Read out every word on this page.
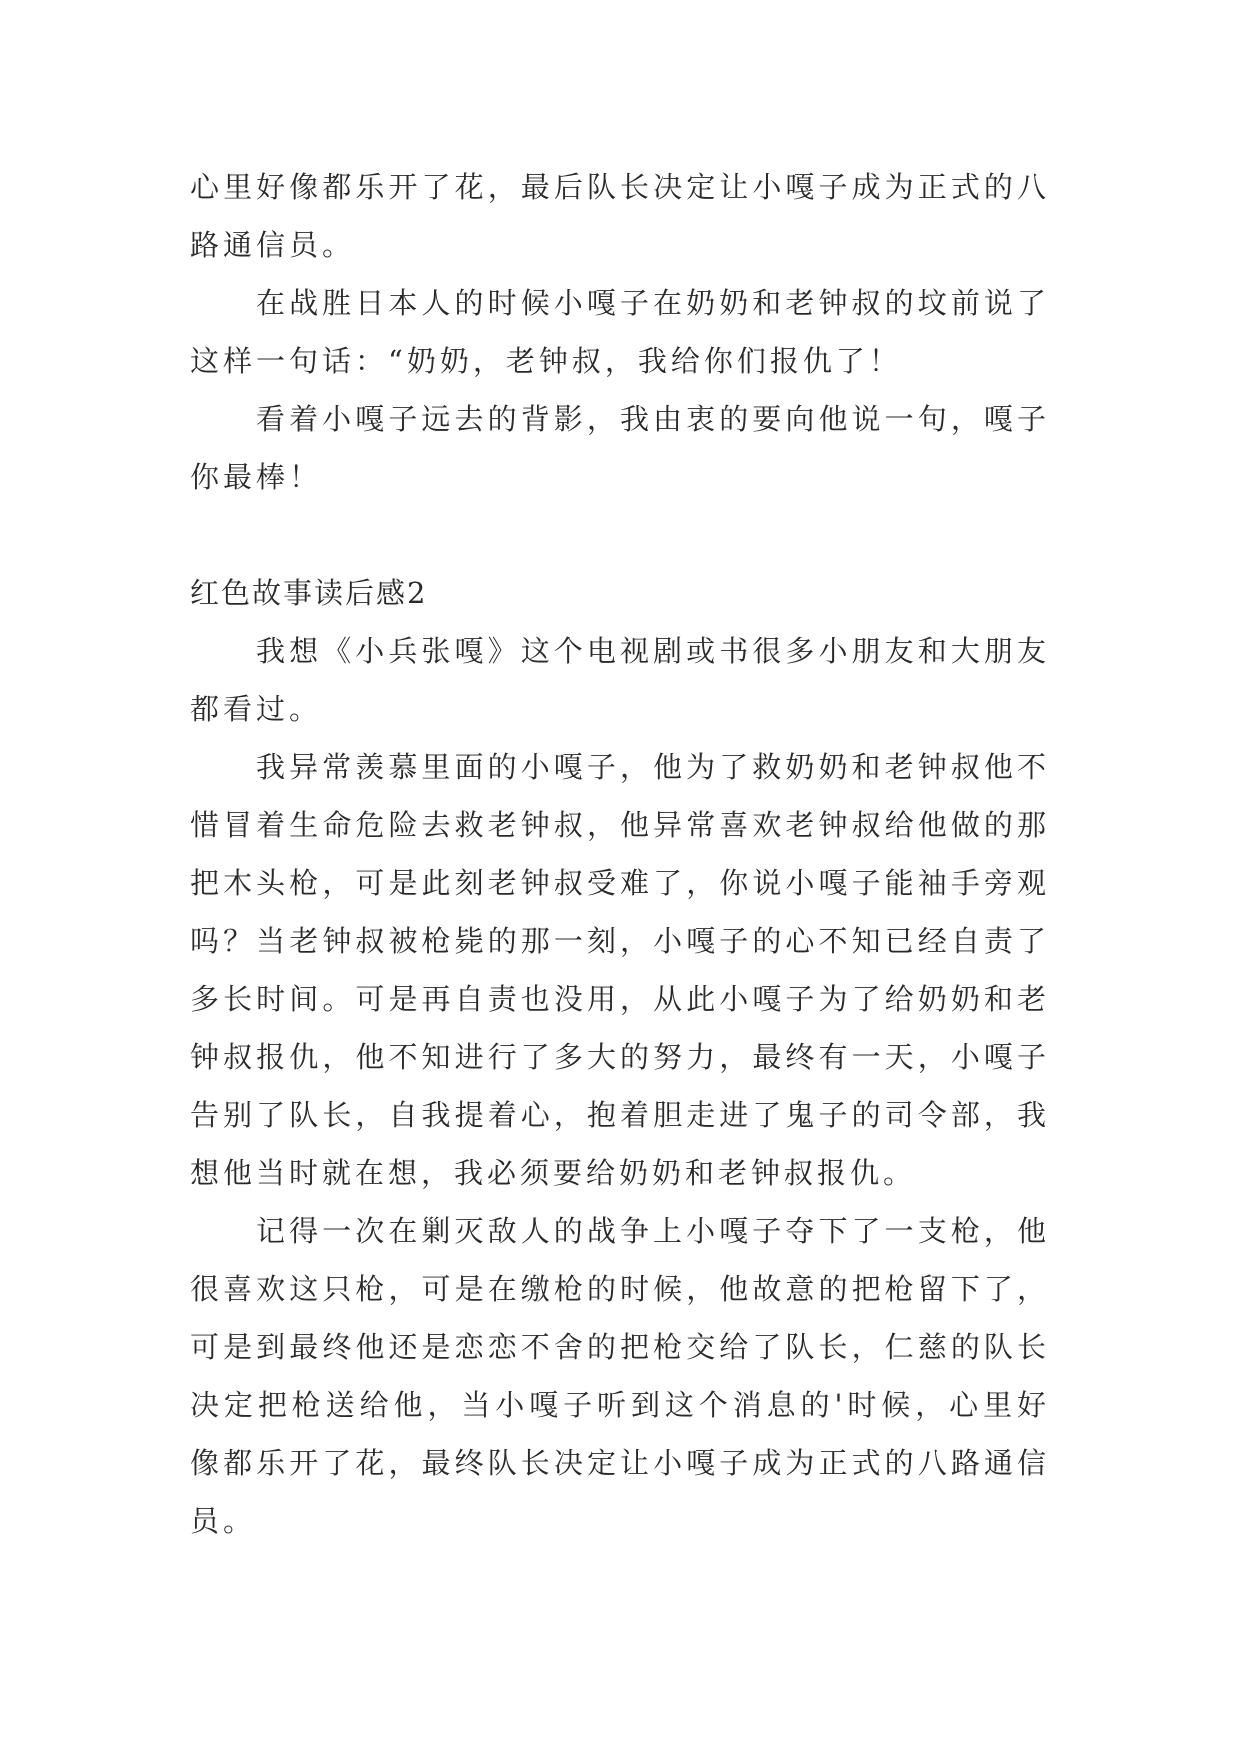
心里好像都乐开了花，最后队长决定让小嘎子成为正式的八路通信员。

在战胜日本人的时候小嘎子在奶奶和老钟叔的坟前说了这样一句话：“奶奶，老钟叔，我给你们报仇了！

看着小嘎子远去的背影，我由衷的要向他说一句，嘎子你最棒！

红色故事读后感2

我想《小兵张嘎》这个电视剧或书很多小朋友和大朋友都看过。

我异常羡慕里面的小嘎子，他为了救奶奶和老钟叔他不惜冒着生命危险去救老钟叔，他异常喜欢老钟叔给他做的那把木头枪，可是此刻老钟叔受难了，你说小嘎子能袖手旁观吗？当老钟叔被枪毙的那一刻，小嘎子的心不知已经自责了多长时间。可是再自责也没用，从此小嘎子为了给奶奶和老钟叔报仇，他不知进行了多大的努力，最终有一天，小嘎子告别了队长，自我提着心，抱着胆走进了鬼子的司令部，我想他当时就在想，我必须要给奶奶和老钟叔报仇。

记得一次在剿灭敌人的战争上小嘎子夺下了一支枪，他很喜欢这只枪，可是在缴枪的时候，他故意的把枪留下了，可是到最终他还是恋恋不舍的把枪交给了队长，仁慈的队长决定把枪送给他，当小嘎子听到这个消息的'时候，心里好像都乐开了花，最终队长决定让小嘎子成为正式的八路通信员。
